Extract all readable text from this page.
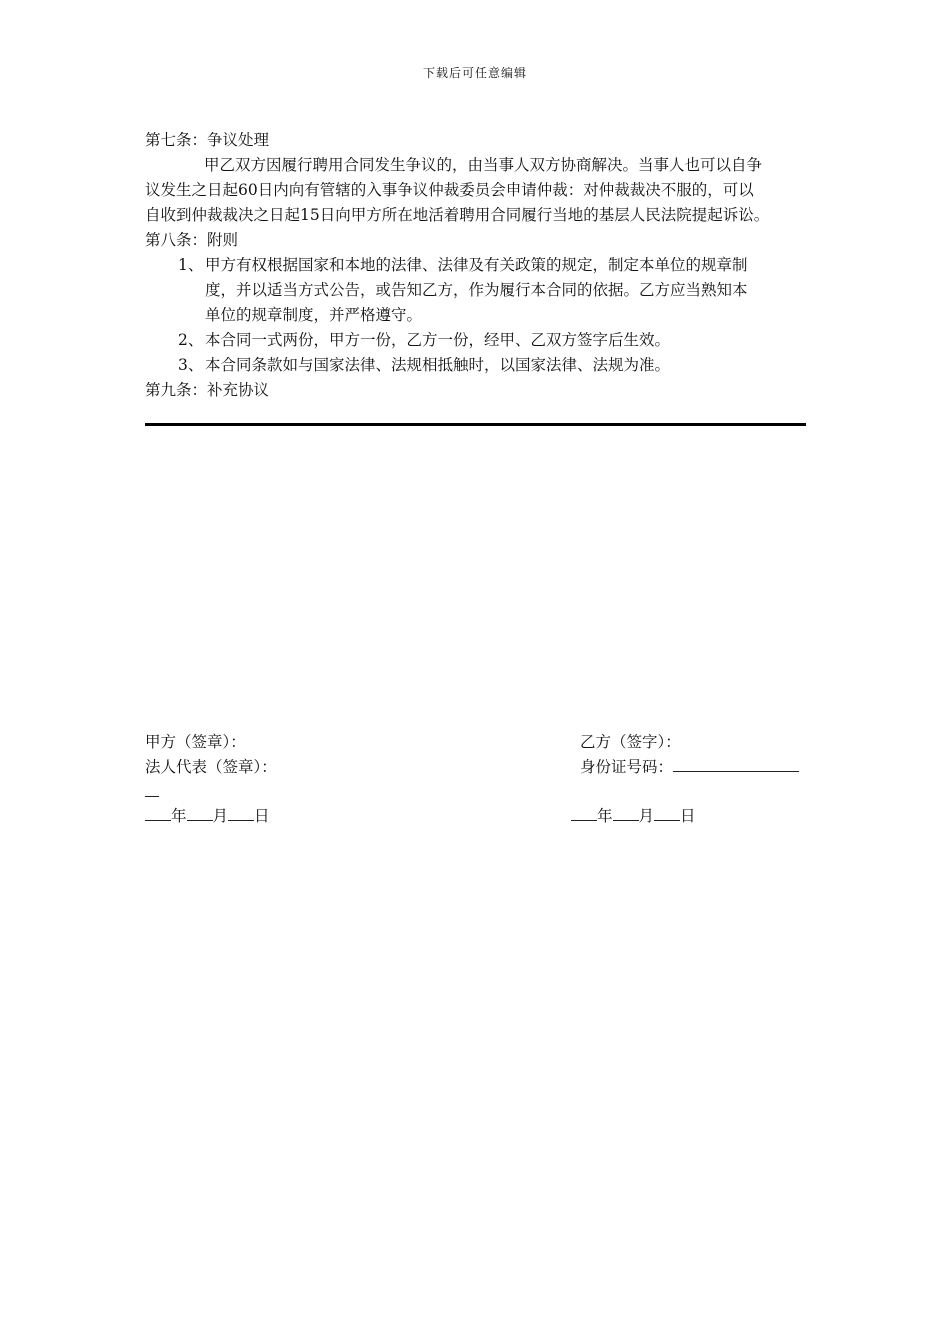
下载后可任意编辑
第七条：争议处理
甲乙双方因履行聘用合同发生争议的，由当事人双方协商解决。当事人也可以自争
议发生之日起60日内向有管辖的入事争议仲裁委员会申请仲裁：对仲裁裁决不服的，可以
自收到仲裁裁决之日起15日向甲方所在地活着聘用合同履行当地的基层人民法院提起诉讼。
第八条：附则
1、 甲方有权根据国家和本地的法律、法律及有关政策的规定，制定本单位的规章制
度，并以适当方式公告，或告知乙方，作为履行本合同的依据。乙方应当熟知本
单位的规章制度，并严格遵守。
2、 本合同一式两份，甲方一份，乙方一份，经甲、乙双方签字后生效。
3、 本合同条款如与国家法律、法规相抵触时，以国家法律、法规为准。
第九条：补充协议
甲方（签章）：
法人代表（签章）：
年 月 日
乙方（签字）：
身份证号码：
年 月 日
